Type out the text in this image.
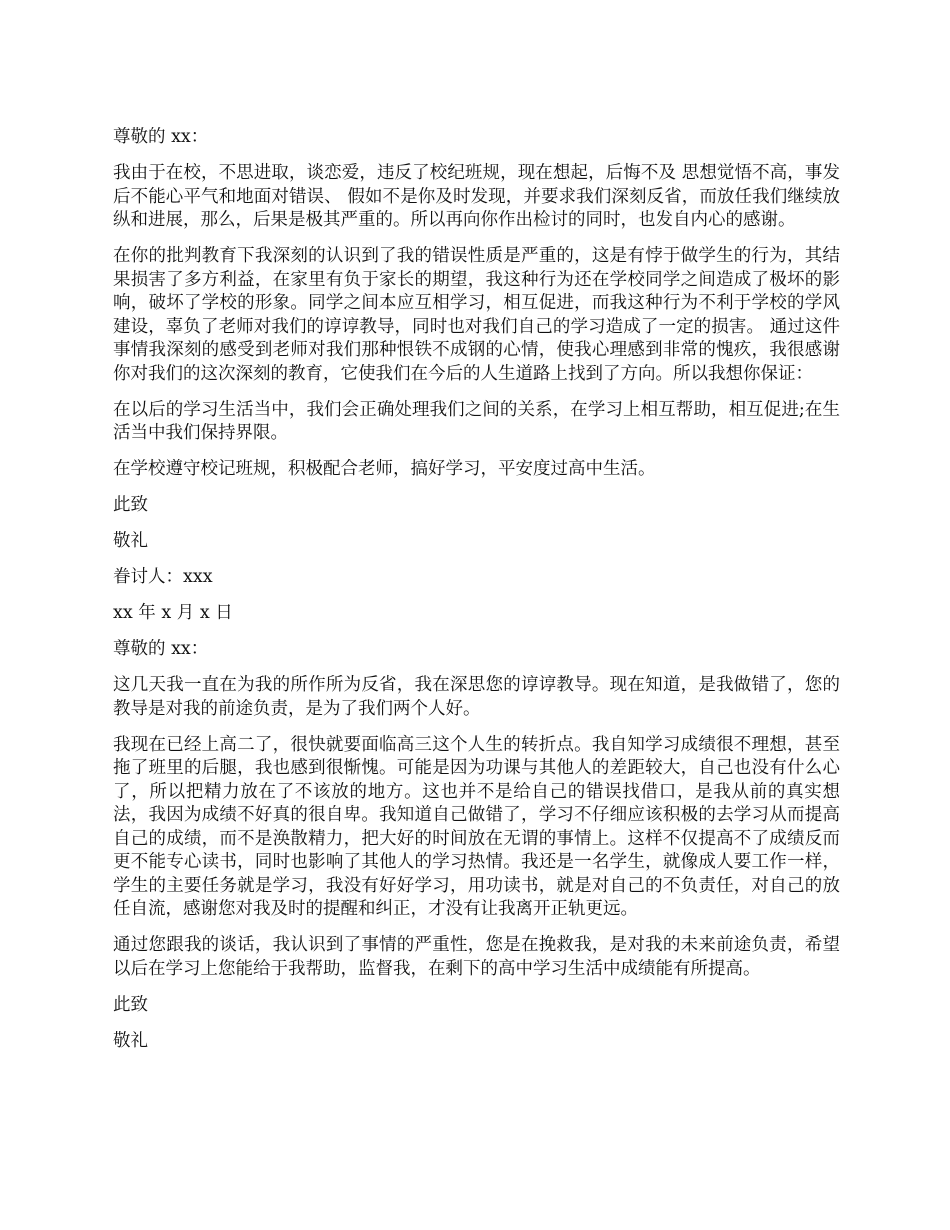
尊敬的 xx：

我由于在校，不思进取，谈恋爱，违反了校纪班规，现在想起，后悔不及 思想觉悟不高，事发后不能心平气和地面对错误、 假如不是你及时发现，并要求我们深刻反省，而放任我们继续放纵和进展，那么，后果是极其严重的。所以再向你作出检讨的同时，也发自内心的感谢。

在你的批判教育下我深刻的认识到了我的错误性质是严重的，这是有悖于做学生的行为，其结果损害了多方利益，在家里有负于家长的期望，我这种行为还在学校同学之间造成了极坏的影响，破坏了学校的形象。同学之间本应互相学习，相互促进，而我这种行为不利于学校的学风建设，辜负了老师对我们的谆谆教导，同时也对我们自己的学习造成了一定的损害。 通过这件事情我深刻的感受到老师对我们那种恨铁不成钢的心情，使我心理感到非常的愧疚，我很感谢你对我们的这次深刻的教育，它使我们在今后的人生道路上找到了方向。所以我想你保证：

在以后的学习生活当中，我们会正确处理我们之间的关系，在学习上相互帮助，相互促进;在生活当中我们保持界限。

在学校遵守校记班规，积极配合老师，搞好学习，平安度过高中生活。

此致

敬礼

眷讨人：xxx

xx 年 x 月 x 日

尊敬的 xx：

这几天我一直在为我的所作所为反省，我在深思您的谆谆教导。现在知道，是我做错了，您的教导是对我的前途负责，是为了我们两个人好。

我现在已经上高二了，很快就要面临高三这个人生的转折点。我自知学习成绩很不理想，甚至拖了班里的后腿，我也感到很惭愧。可能是因为功课与其他人的差距较大，自己也没有什么心了，所以把精力放在了不该放的地方。这也并不是给自己的错误找借口，是我从前的真实想法，我因为成绩不好真的很自卑。我知道自己做错了，学习不仔细应该积极的去学习从而提高自己的成绩，而不是涣散精力，把大好的时间放在无谓的事情上。这样不仅提高不了成绩反而更不能专心读书，同时也影响了其他人的学习热情。我还是一名学生，就像成人要工作一样，学生的主要任务就是学习，我没有好好学习，用功读书，就是对自己的不负责任，对自己的放任自流，感谢您对我及时的提醒和纠正，才没有让我离开正轨更远。

通过您跟我的谈话，我认识到了事情的严重性，您是在挽救我，是对我的未来前途负责，希望以后在学习上您能给于我帮助，监督我，在剩下的高中学习生活中成绩能有所提高。

此致

敬礼
